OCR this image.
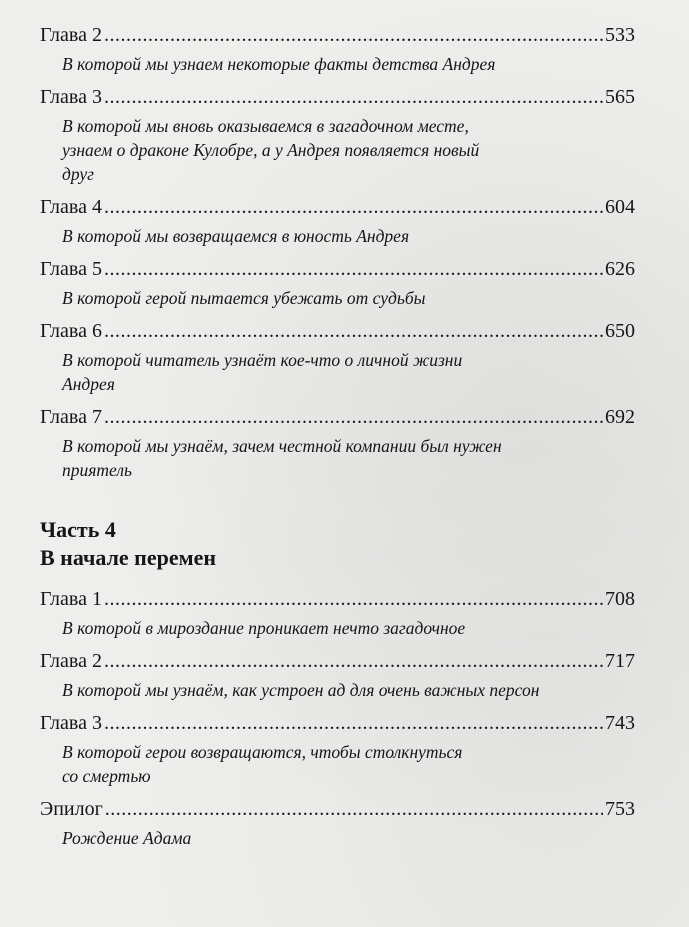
Глава 2 .....	533
В которой мы узнаем некоторые факты детства Андрея
Глава 3 .....	565
В которой мы вновь оказываемся в загадочном месте,
узнаем о драконе Кулобре, а у Андрея появляется новый
друг
Глава 4 .....	604
В которой мы возвращаемся в юность Андрея
Глава 5 .....	626
В которой герой пытается убежать от судьбы
Глава 6 .....	650
В которой читатель узнаёт кое-что о личной жизни
Андрея
Глава 7 .....	692
В которой мы узнаём, зачем честной компании был нужен
приятель
Часть 4
В начале перемен
Глава 1 .....	708
В которой в мироздание проникает нечто загадочное
Глава 2 .....	717
В которой мы узнаём, как устроен ад для очень важных персон
Глава 3 .....	743
В которой герои возвращаются, чтобы столкнуться
со смертью
Эпилог .....	753
Рождение Адама
